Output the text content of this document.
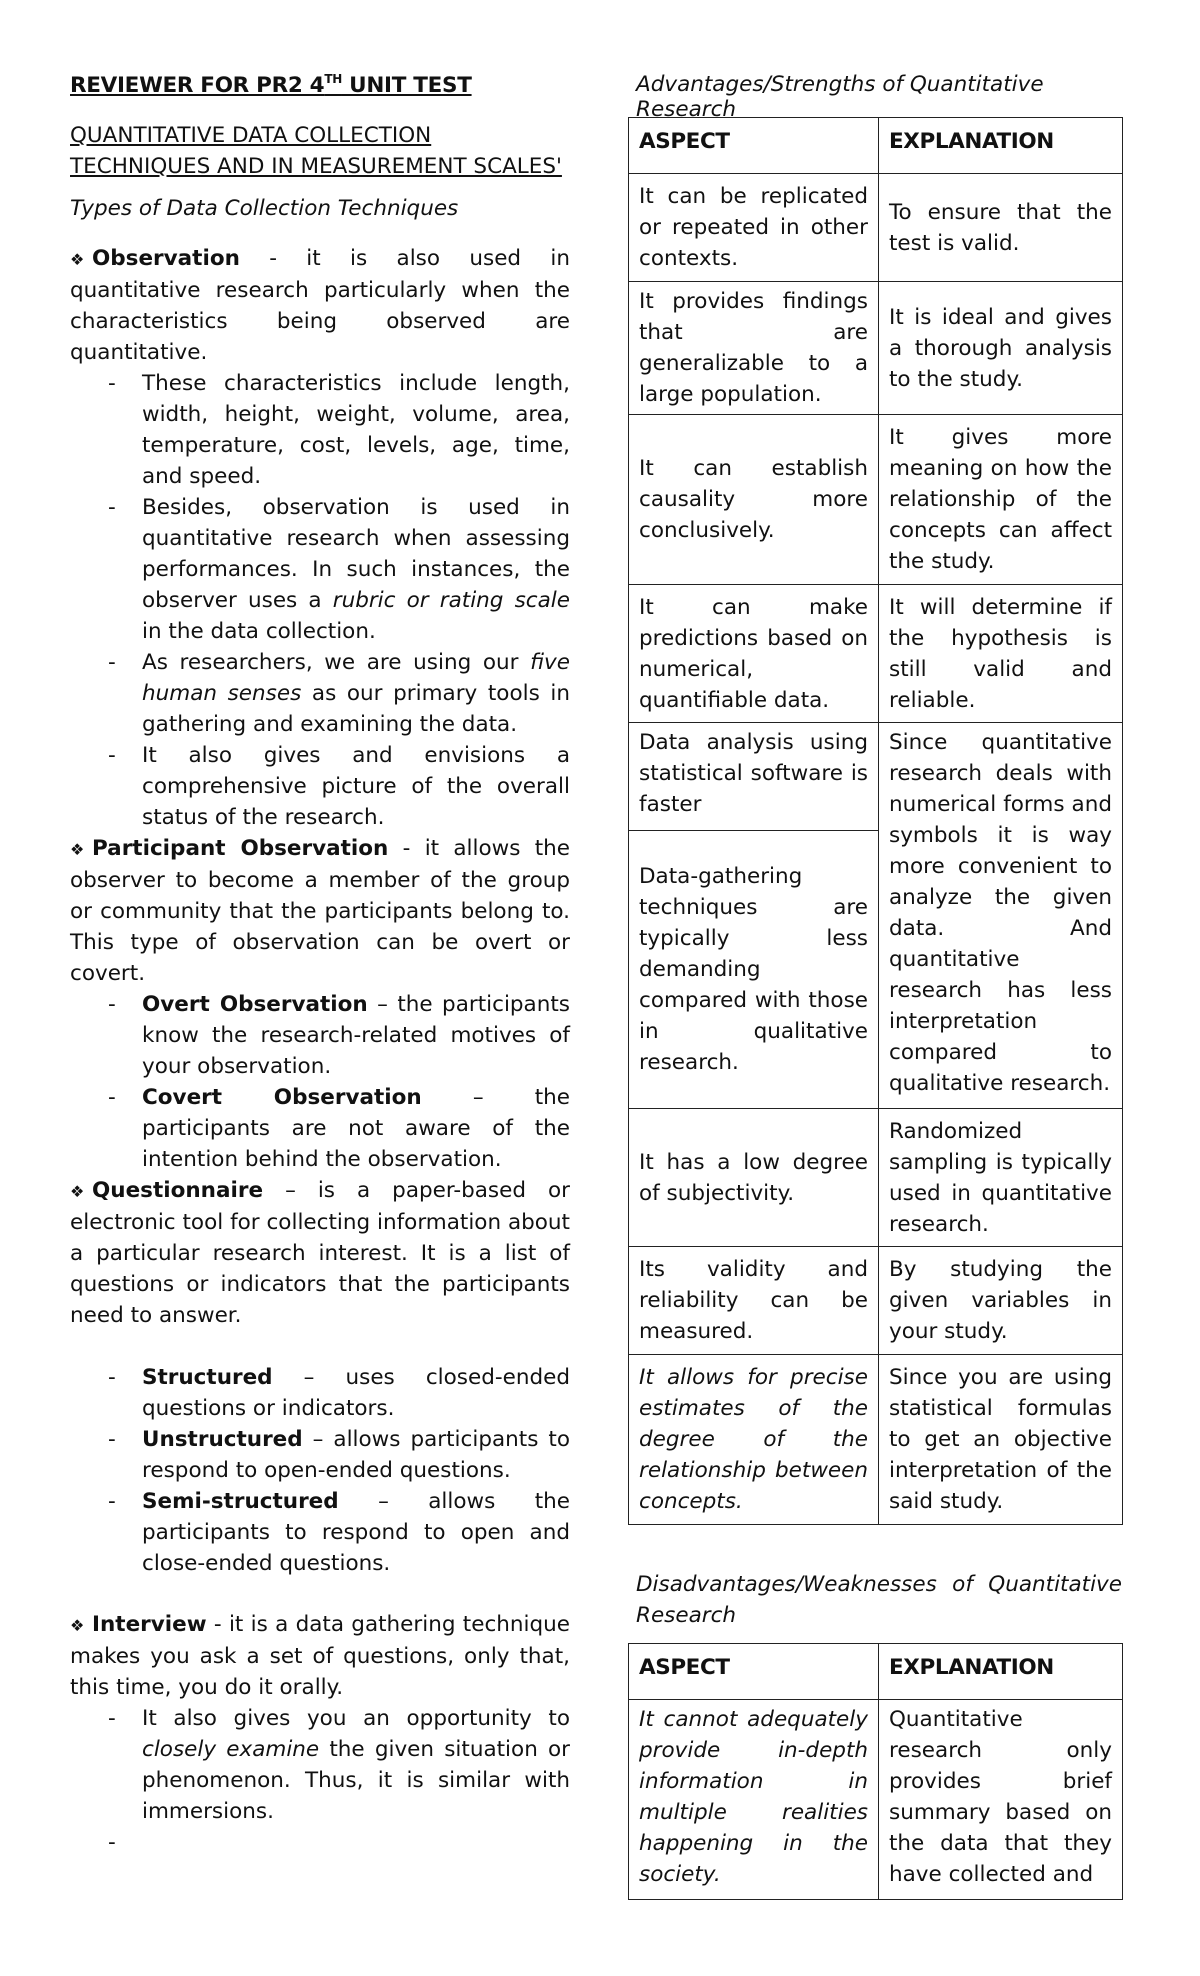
REVIEWER FOR PR2 4TH UNIT TEST
QUANTITATIVE DATA COLLECTION TECHNIQUES AND IN MEASUREMENT SCALES'
Types of Data Collection Techniques
❖ Observation - it is also used in quantitative research particularly when the characteristics being observed are quantitative.
- These characteristics include length, width, height, weight, volume, area, temperature, cost, levels, age, time, and speed.
- Besides, observation is used in quantitative research when assessing performances. In such instances, the observer uses a rubric or rating scale in the data collection.
- As researchers, we are using our five human senses as our primary tools in gathering and examining the data.
- It also gives and envisions a comprehensive picture of the overall status of the research.
❖ Participant Observation - it allows the observer to become a member of the group or community that the participants belong to. This type of observation can be overt or covert.
- Overt Observation – the participants know the research-related motives of your observation.
- Covert Observation – the participants are not aware of the intention behind the observation.
❖ Questionnaire – is a paper-based or electronic tool for collecting information about a particular research interest. It is a list of questions or indicators that the participants need to answer.
- Structured – uses closed-ended questions or indicators.
- Unstructured – allows participants to respond to open-ended questions.
- Semi-structured – allows the participants to respond to open and close-ended questions.
❖ Interview - it is a data gathering technique makes you ask a set of questions, only that, this time, you do it orally.
- It also gives you an opportunity to closely examine the given situation or phenomenon. Thus, it is similar with immersions.
-

Advantages/Strengths of Quantitative Research
ASPECT	EXPLANATION
It can be replicated or repeated in other contexts.	To ensure that the test is valid.
It provides findings that are generalizable to a large population.	It is ideal and gives a thorough analysis to the study.
It can establish causality more conclusively.	It gives more meaning on how the relationship of the concepts can affect the study.
It can make predictions based on numerical, quantifiable data.	It will determine if the hypothesis is still valid and reliable.
Data analysis using statistical software is faster	Since quantitative research deals with numerical forms and symbols it is way more convenient to analyze the given data. And quantitative research has less interpretation compared to qualitative research.
Data-gathering techniques are typically less demanding compared with those in qualitative research.	
It has a low degree of subjectivity.	Randomized sampling is typically used in quantitative research.
Its validity and reliability can be measured.	By studying the given variables in your study.
It allows for precise estimates of the degree of the relationship between concepts.	Since you are using statistical formulas to get an objective interpretation of the said study.
Disadvantages/Weaknesses of Quantitative Research
ASPECT	EXPLANATION
It cannot adequately provide in-depth information in multiple realities happening in the society.	Quantitative research only provides brief summary based on the data that they have collected and
